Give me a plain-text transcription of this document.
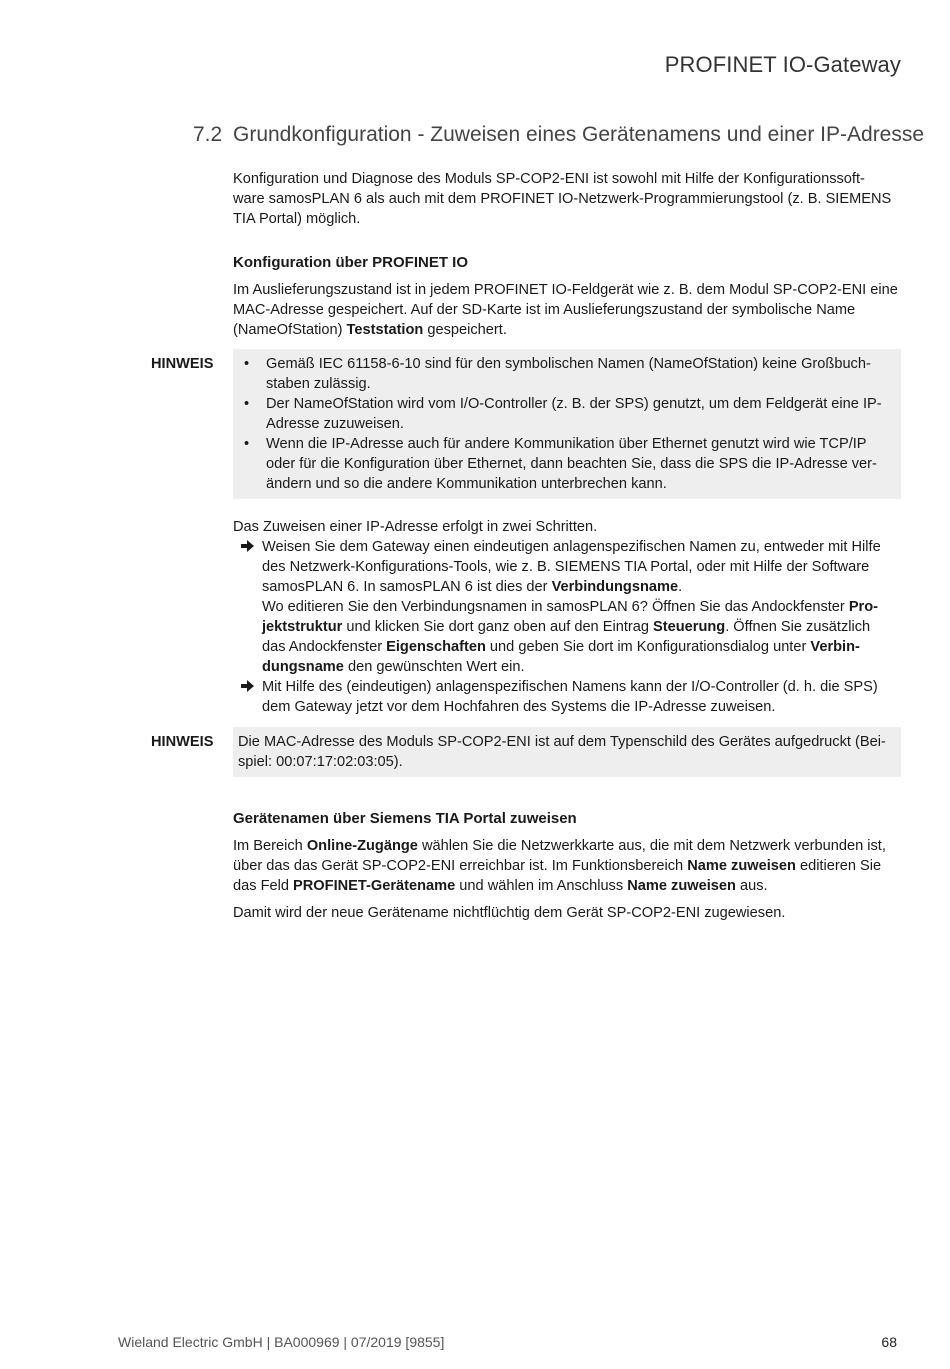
PROFINET IO-Gateway
7.2 Grundkonfiguration - Zuweisen eines Gerätenamens und einer IP-Adresse

Konfiguration und Diagnose des Moduls SP-COP2-ENI ist sowohl mit Hilfe der Konfigurationssoft-

ware samosPLAN 6 als auch mit dem PROFINET IO-Netzwerk-Programmierungstool (z. B. SIEMENS

TIA Portal) möglich.

Konfiguration über PROFINET IO

Im Auslieferungszustand ist in jedem PROFINET IO-Feldgerät wie z. B. dem Modul SP-COP2-ENI eine

MAC-Adresse gespeichert. Auf der SD-Karte ist im Auslieferungszustand der symbolische Name

(NameOfStation) Teststation gespeichert.

HINWEIS
•	Gemäß IEC 61158-6-10 sind für den symbolischen Namen (NameOfStation) keine Großbuch-
staben zulässig.
• Der NameOfStation wird vom I/O-Controller (z. B. der SPS) genutzt, um dem Feldgerät eine IP-
Adresse zuzuweisen.
• Wenn die IP-Adresse auch für andere Kommunikation über Ethernet genutzt wird wie TCP/IP
oder für die Konfiguration über Ethernet, dann beachten Sie, dass die SPS die IP-Adresse ver-
ändern und so die andere Kommunikation unterbrechen kann.

Das Zuweisen einer IP-Adresse erfolgt in zwei Schritten.

Weisen Sie dem Gateway einen eindeutigen anlagenspezifischen Namen zu, entweder mit Hilfe
des Netzwerk-Konfigurations-Tools, wie z. B. SIEMENS TIA Portal, oder mit Hilfe der Software
samosPLAN 6. In samosPLAN 6 ist dies der Verbindungsname.
Wo editieren Sie den Verbindungsnamen in samosPLAN 6? Öffnen Sie das Andockfenster Pro-
jektstruktur und klicken Sie dort ganz oben auf den Eintrag Steuerung. Öffnen Sie zusätzlich
das Andockfenster Eigenschaften und geben Sie dort im Konfigurationsdialog unter Verbin-
dungsname den gewünschten Wert ein.
Mit Hilfe des (eindeutigen) anlagenspezifischen Namens kann der I/O-Controller (d. h. die SPS)
dem Gateway jetzt vor dem Hochfahren des Systems die IP-Adresse zuweisen.
HINWEIS Die MAC-Adresse des Moduls SP-COP2-ENI ist auf dem Typenschild des Gerätes aufgedruckt (Bei-
spiel: 00:07:17:02:03:05).
Gerätenamen über Siemens TIA Portal zuweisen

Im Bereich Online-Zugänge wählen Sie die Netzwerkkarte aus, die mit dem Netzwerk verbunden ist,

über das das Gerät SP-COP2-ENI erreichbar ist. Im Funktionsbereich Name zuweisen editieren Sie

das Feld PROFINET-Gerätename und wählen im Anschluss Name zuweisen aus.

Damit wird der neue Gerätename nichtflüchtig dem Gerät SP-COP2-ENI zugewiesen.

Wieland Electric GmbH | BA000969 | 07/2019 [9855]	68
